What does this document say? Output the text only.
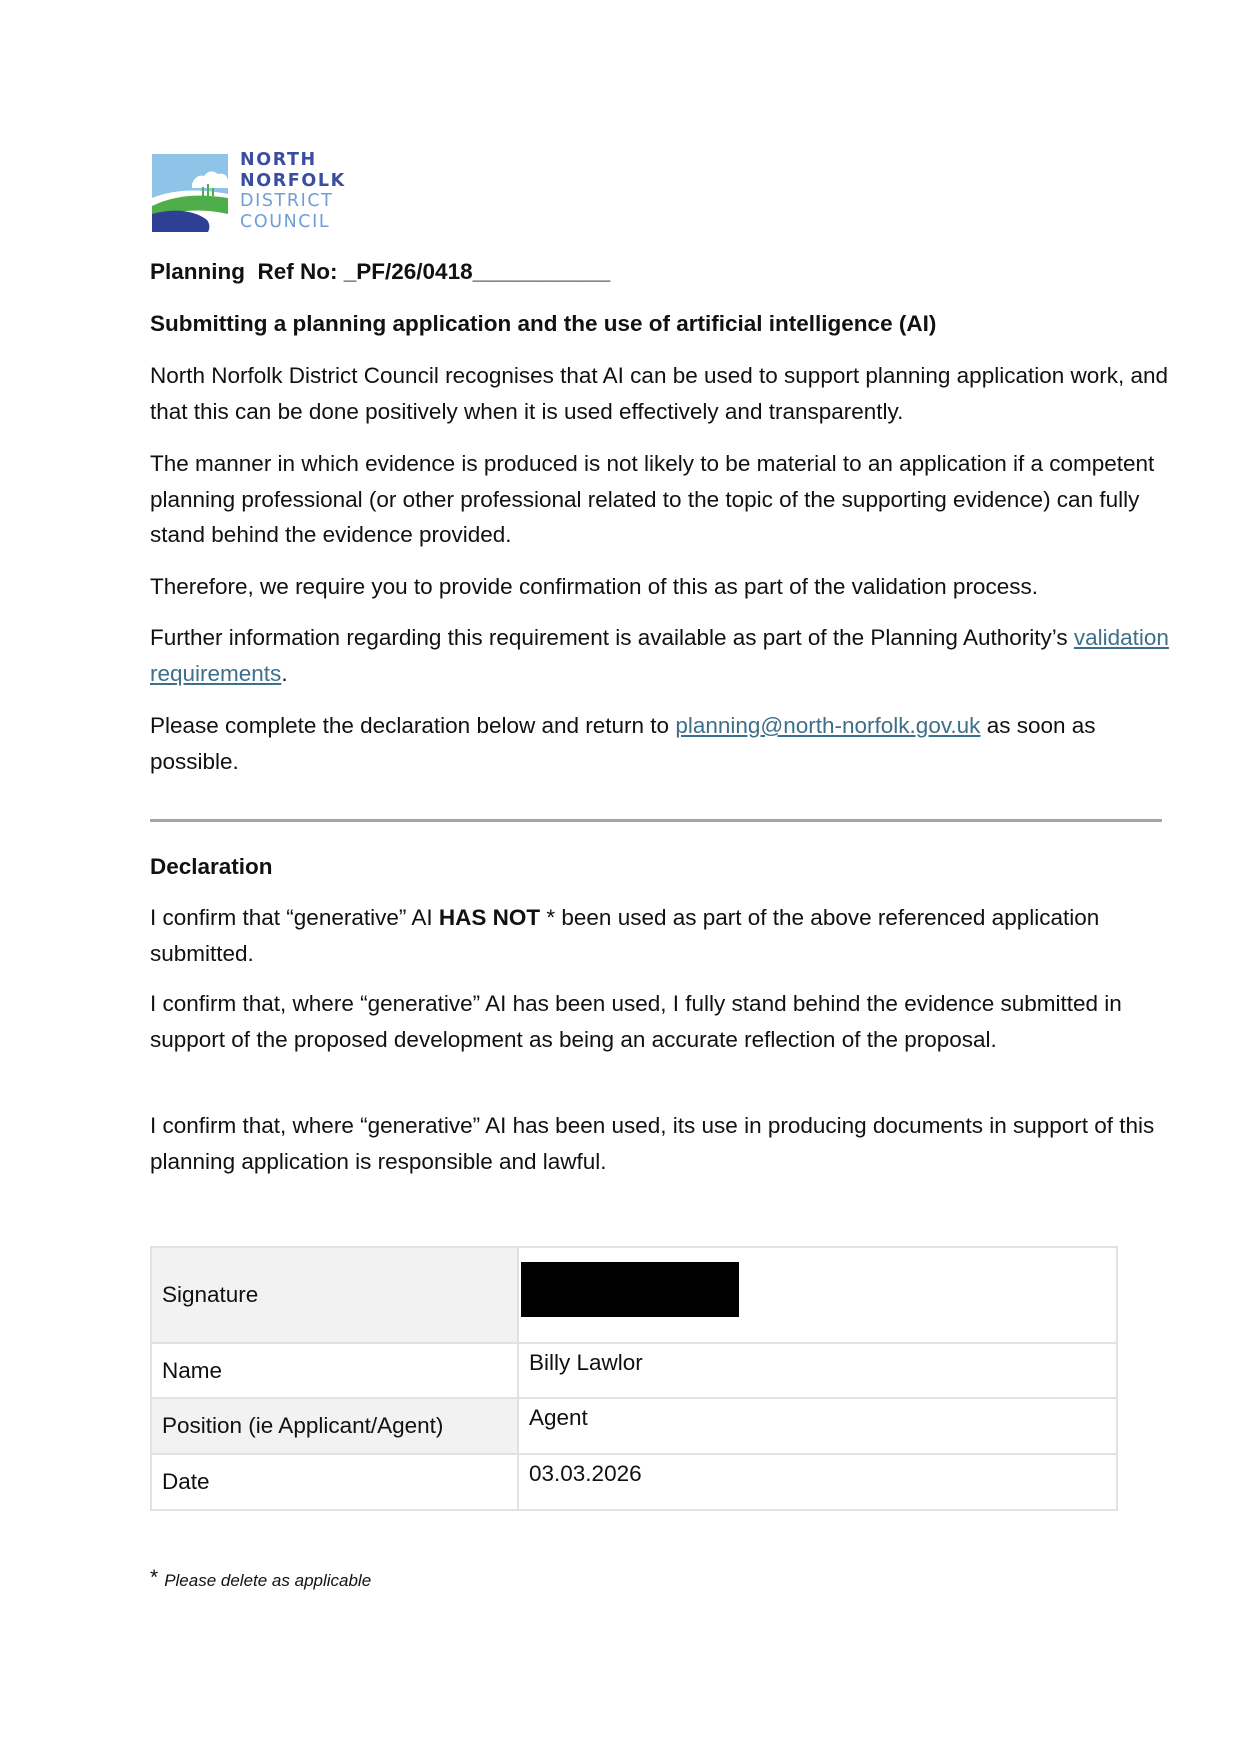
NORTH
NORFOLK
DISTRICT
COUNCIL
Planning  Ref No: _PF/26/0418___________
Submitting a planning application and the use of artificial intelligence (AI)
North Norfolk District Council recognises that AI can be used to support planning application work, and that this can be done positively when it is used effectively and transparently.
The manner in which evidence is produced is not likely to be material to an application if a competent planning professional (or other professional related to the topic of the supporting evidence) can fully stand behind the evidence provided.
Therefore, we require you to provide confirmation of this as part of the validation process.
Further information regarding this requirement is available as part of the Planning Authority’s validation requirements.
Please complete the declaration below and return to planning@north-norfolk.gov.uk as soon as possible.
Declaration
I confirm that “generative” AI HAS NOT * been used as part of the above referenced application submitted.
I confirm that, where “generative” AI has been used, I fully stand behind the evidence submitted in support of the proposed development as being an accurate reflection of the proposal.
I confirm that, where “generative” AI has been used, its use in producing documents in support of this planning application is responsible and lawful.
Signature	

Name	Billy Lawlor
Position (ie Applicant/Agent)	Agent
Date	03.03.2026
* Please delete as applicable
